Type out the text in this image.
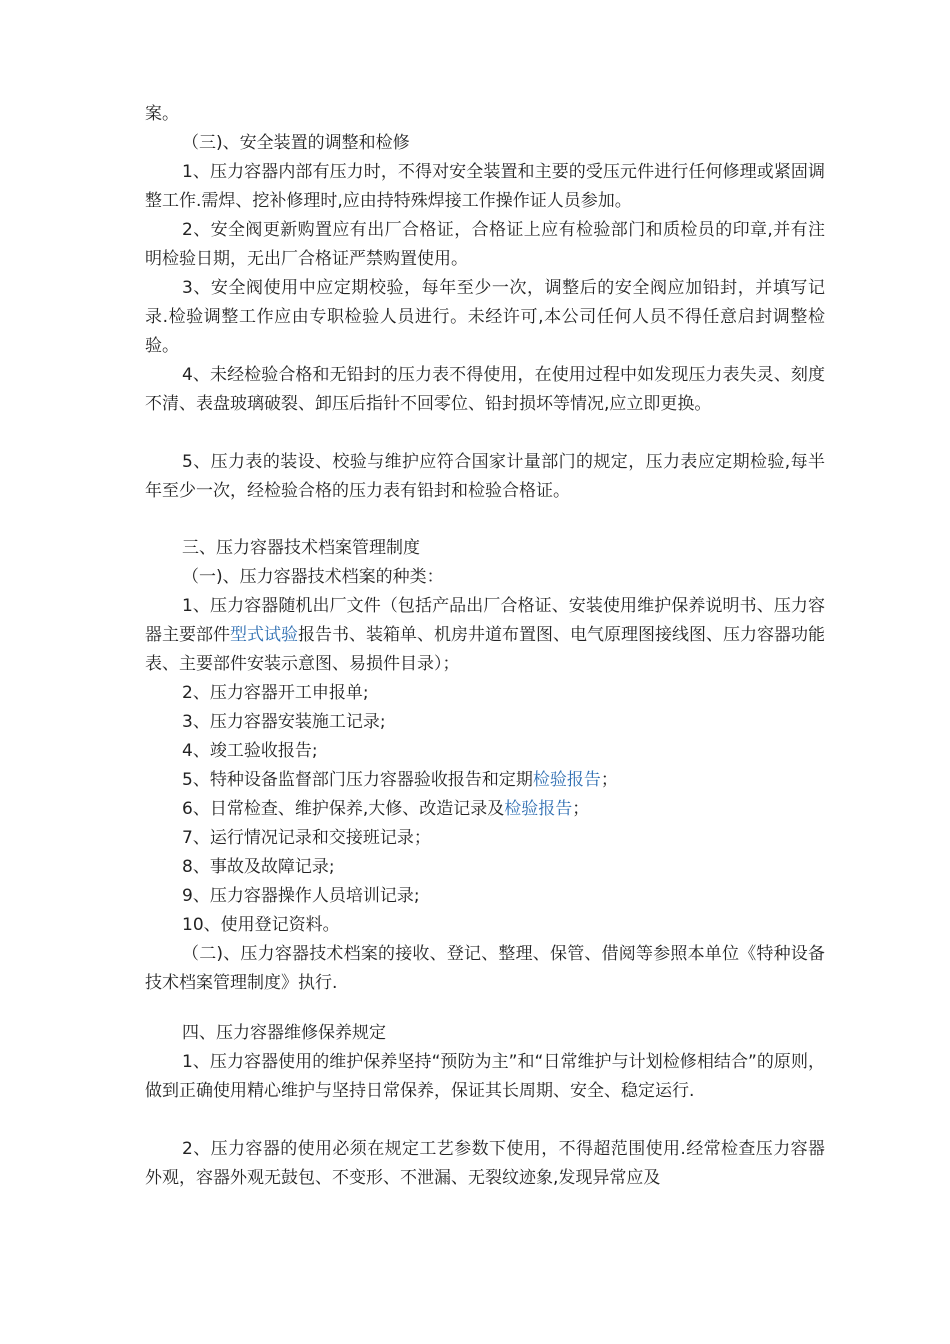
案。

（三)、安全装置的调整和检修

1、压力容器内部有压力时，不得对安全装置和主要的受压元件进行任何修理或紧固调整工作.需焊、挖补修理时,应由持特殊焊接工作操作证人员参加。

2、安全阀更新购置应有出厂合格证，合格证上应有检验部门和质检员的印章,并有注明检验日期，无出厂合格证严禁购置使用。

3、安全阀使用中应定期校验，每年至少一次，调整后的安全阀应加铅封，并填写记录.检验调整工作应由专职检验人员进行。未经许可,本公司任何人员不得任意启封调整检验。

4、未经检验合格和无铅封的压力表不得使用，在使用过程中如发现压力表失灵、刻度不清、表盘玻璃破裂、卸压后指针不回零位、铅封损坏等情况,应立即更换。

5、压力表的装设、校验与维护应符合国家计量部门的规定，压力表应定期检验,每半年至少一次，经检验合格的压力表有铅封和检验合格证。

三、压力容器技术档案管理制度

（一)、压力容器技术档案的种类：

1、压力容器随机出厂文件（包括产品出厂合格证、安装使用维护保养说明书、压力容器主要部件型式试验报告书、装箱单、机房井道布置图、电气原理图接线图、压力容器功能表、主要部件安装示意图、易损件目录）；

2、压力容器开工申报单;

3、压力容器安装施工记录;

4、竣工验收报告;

5、特种设备监督部门压力容器验收报告和定期检验报告；

6、日常检查、维护保养,大修、改造记录及检验报告；

7、运行情况记录和交接班记录；

8、事故及故障记录;

9、压力容器操作人员培训记录;

10、使用登记资料。

（二)、压力容器技术档案的接收、登记、整理、保管、借阅等参照本单位《特种设备技术档案管理制度》执行.

四、压力容器维修保养规定

1、压力容器使用的维护保养坚持“预防为主”和“日常维护与计划检修相结合”的原则，做到正确使用精心维护与坚持日常保养，保证其长周期、安全、稳定运行.

2、压力容器的使用必须在规定工艺参数下使用，不得超范围使用.经常检查压力容器外观，容器外观无鼓包、不变形、不泄漏、无裂纹迹象,发现异常应及
